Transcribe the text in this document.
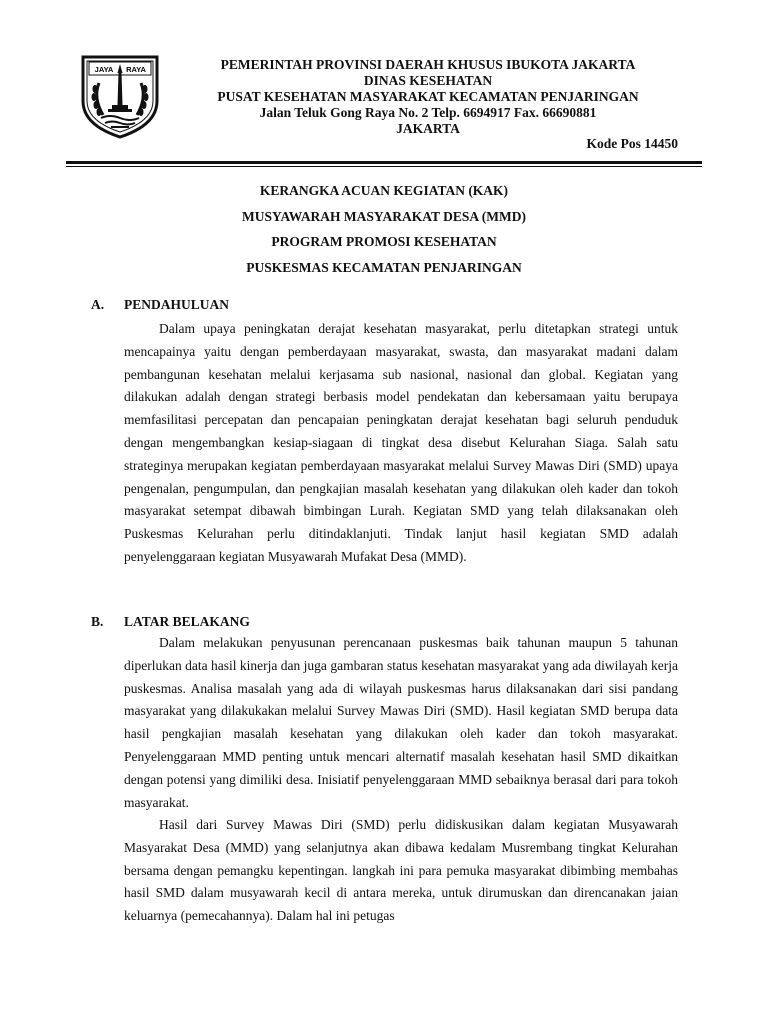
JAYA RAYA	PEMERINTAH PROVINSI DAERAH KHUSUS IBUKOTA JAKARTA
DINAS KESEHATAN
PUSAT KESEHATAN MASYARAKAT KECAMATAN PENJARINGAN
Jalan Teluk Gong Raya No. 2 Telp. 6694917 Fax. 66690881
JAKARTA
Kode Pos 14450
KERANGKA ACUAN KEGIATAN (KAK)
MUSYAWARAH MASYARAKAT DESA (MMD)
PROGRAM PROMOSI KESEHATAN
PUSKESMAS KECAMATAN PENJARINGAN
A. PENDAHULUAN

Dalam upaya peningkatan derajat kesehatan masyarakat, perlu ditetapkan strategi untuk mencapainya yaitu dengan pemberdayaan masyarakat, swasta, dan masyarakat madani dalam pembangunan kesehatan melalui kerjasama sub nasional, nasional dan global. Kegiatan yang dilakukan adalah dengan strategi berbasis model pendekatan dan kebersamaan yaitu berupaya memfasilitasi percepatan dan pencapaian peningkatan derajat kesehatan bagi seluruh penduduk dengan mengembangkan kesiap-siagaan di tingkat desa disebut Kelurahan Siaga. Salah satu strateginya merupakan kegiatan pemberdayaan masyarakat melalui Survey Mawas Diri (SMD) upaya pengenalan, pengumpulan, dan pengkajian masalah kesehatan yang dilakukan oleh kader dan tokoh masyarakat setempat dibawah bimbingan Lurah. Kegiatan SMD yang telah dilaksanakan oleh Puskesmas Kelurahan perlu ditindaklanjuti. Tindak lanjut hasil kegiatan SMD adalah penyelenggaraan kegiatan Musyawarah Mufakat Desa (MMD).

B. LATAR BELAKANG

Dalam melakukan penyusunan perencanaan puskesmas baik tahunan maupun 5 tahunan diperlukan data hasil kinerja dan juga gambaran status kesehatan masyarakat yang ada diwilayah kerja puskesmas. Analisa masalah yang ada di wilayah puskesmas harus dilaksanakan dari sisi pandang masyarakat yang dilakukakan melalui Survey Mawas Diri (SMD). Hasil kegiatan SMD berupa data hasil pengkajian masalah kesehatan yang dilakukan oleh kader dan tokoh masyarakat. Penyelenggaraan MMD penting untuk mencari alternatif masalah kesehatan hasil SMD dikaitkan dengan potensi yang dimiliki desa. Inisiatif penyelenggaraan MMD sebaiknya berasal dari para tokoh masyarakat.

Hasil dari Survey Mawas Diri (SMD) perlu didiskusikan dalam kegiatan Musyawarah Masyarakat Desa (MMD) yang selanjutnya akan dibawa kedalam Musrembang tingkat Kelurahan bersama dengan pemangku kepentingan. langkah ini para pemuka masyarakat dibimbing membahas hasil SMD dalam musyawarah kecil di antara mereka, untuk dirumuskan dan direncanakan jaian keluarnya (pemecahannya). Dalam hal ini petugas
